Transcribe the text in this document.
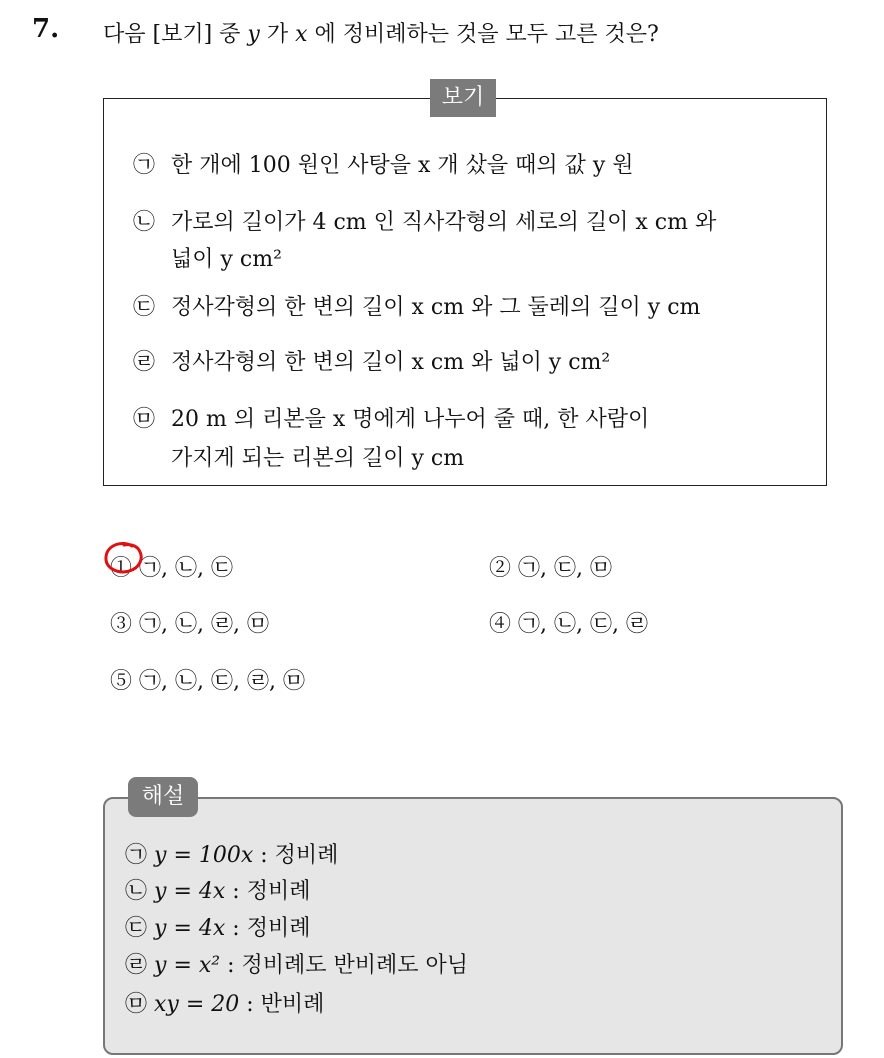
7. 다음 [보기] 중 y 가 x 에 정비례하는 것을 모두 고른 것은?
보기
㉠ 한 개에 100 원인 사탕을 x 개 샀을 때의 값 y 원
㉡ 가로의 길이가 4 cm 인 직사각형의 세로의 길이 x cm 와
넓이 y cm²
㉢ 정사각형의 한 변의 길이 x cm 와 그 둘레의 길이 y cm
㉣ 정사각형의 한 변의 길이 x cm 와 넓이 y cm²
㉤ 20 m 의 리본을 x 명에게 나누어 줄 때, 한 사람이
가지게 되는 리본의 길이 y cm
① ㉠, ㉡, ㉢	② ㉠, ㉢, ㉤
③ ㉠, ㉡, ㉣, ㉤	④ ㉠, ㉡, ㉢, ㉣
⑤ ㉠, ㉡, ㉢, ㉣, ㉤
해설
㉠ y = 100x : 정비례
㉡ y = 4x : 정비례
㉢ y = 4x : 정비례
㉣ y = x² : 정비례도 반비례도 아님
㉤ xy = 20 : 반비례
